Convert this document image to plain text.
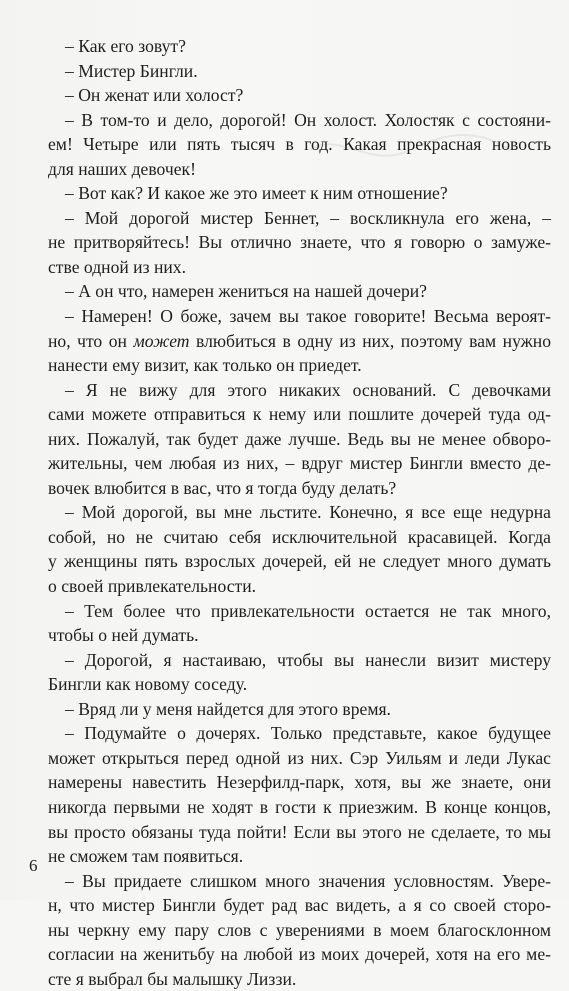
– Как его зовут?
– Мистер Бингли.
– Он женат или холост?
– В том-то и дело, дорогой! Он холост. Холостяк с состояни-
ем! Четыре или пять тысяч в год. Какая прекрасная новость
для наших девочек!
– Вот как? И какое же это имеет к ним отношение?
– Мой дорогой мистер Беннет, – воскликнула его жена, –
не притворяйтесь! Вы отлично знаете, что я говорю о замуже-
стве одной из них.
– А он что, намерен жениться на нашей дочери?
– Намерен! О боже, зачем вы такое говорите! Весьма вероят-
но, что он может влюбиться в одну из них, поэтому вам нужно
нанести ему визит, как только он приедет.
– Я не вижу для этого никаких оснований. С девочками
сами можете отправиться к нему или пошлите дочерей туда од-
них. Пожалуй, так будет даже лучше. Ведь вы не менее обворо-
жительны, чем любая из них, – вдруг мистер Бингли вместо де-
вочек влюбится в вас, что я тогда буду делать?
– Мой дорогой, вы мне льстите. Конечно, я все еще недурна
собой, но не считаю себя исключительной красавицей. Когда
у женщины пять взрослых дочерей, ей не следует много думать
о своей привлекательности.
– Тем более что привлекательности остается не так много,
чтобы о ней думать.
– Дорогой, я настаиваю, чтобы вы нанесли визит мистеру
Бингли как новому соседу.
– Вряд ли у меня найдется для этого время.
– Подумайте о дочерях. Только представьте, какое будущее
может открыться перед одной из них. Сэр Уильям и леди Лукас
намерены навестить Незерфилд-парк, хотя, вы же знаете, они
никогда первыми не ходят в гости к приезжим. В конце концов,
вы просто обязаны туда пойти! Если вы этого не сделаете, то мы
не сможем там появиться.
– Вы придаете слишком много значения условностям. Увере-
н, что мистер Бингли будет рад вас видеть, а я со своей сторо-
ны черкну ему пару слов с уверениями в моем благосклонном
согласии на женитьбу на любой из моих дочерей, хотя на его ме-
сте я выбрал бы малышку Лиззи.
6
